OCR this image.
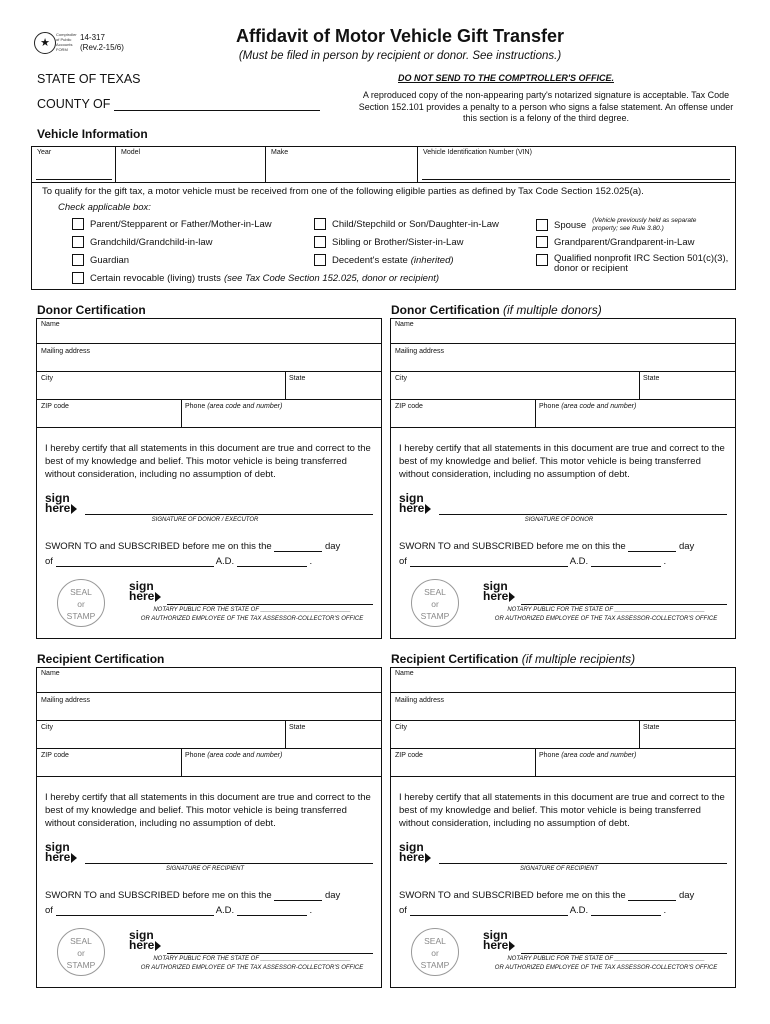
★
Comptroller of Public Accounts FORM
14-317
(Rev.2-15/6)
Affidavit of Motor Vehicle Gift Transfer
(Must be filed in person by recipient or donor. See instructions.)
STATE OF TEXAS
COUNTY OF
DO NOT SEND TO THE COMPTROLLER'S OFFICE.
A reproduced copy of the non-appearing party's notarized signature is acceptable. Tax Code Section 152.101 provides a penalty to a person who signs a false statement. An offense under this section is a felony of the third degree.
Vehicle Information
Year	Model	Make	Vehicle Identification Number (VIN)
To qualify for the gift tax, a motor vehicle must be received from one of the following eligible parties as defined by Tax Code Section 152.025(a).
Check applicable box:
Parent/Stepparent or Father/Mother-in-Law	Child/Stepchild or Son/Daughter-in-Law	Spouse (Vehicle previously held as separate property; see Rule 3.80.)
Grandchild/Grandchild-in-law	Sibling or Brother/Sister-in-Law	Grandparent/Grandparent-in-Law
Guardian	Decedent's estate (inherited)	Qualified nonprofit IRC Section 501(c)(3), donor or recipient
Certain revocable (living) trusts (see Tax Code Section 152.025, donor or recipient)
Donor Certification	Donor Certification (if multiple donors)
Recipient Certification	Recipient Certification (if multiple recipients)
Name
Mailing address
City	State
ZIP code	Phone (area code and number)
I hereby certify that all statements in this document are true and correct to the best of my knowledge and belief. This motor vehicle is being transferred without consideration, including no assumption of debt.
sign
here
SIGNATURE OF DONOR / EXECUTOR
SWORN TO and SUBSCRIBED before me on this the	day
of	A.D.	.
SEAL
or
STAMP
sign
here
NOTARY PUBLIC FOR THE STATE OF ___________________________
OR AUTHORIZED EMPLOYEE OF THE TAX ASSESSOR-COLLECTOR'S OFFICE
Name
Mailing address
City	State
ZIP code	Phone (area code and number)
I hereby certify that all statements in this document are true and correct to the best of my knowledge and belief. This motor vehicle is being transferred without consideration, including no assumption of debt.
sign
here
SIGNATURE OF DONOR
SWORN TO and SUBSCRIBED before me on this the	day
of	A.D.	.
SEAL
or
STAMP
sign
here
NOTARY PUBLIC FOR THE STATE OF ___________________________
OR AUTHORIZED EMPLOYEE OF THE TAX ASSESSOR-COLLECTOR'S OFFICE
Name
Mailing address
City	State
ZIP code	Phone (area code and number)
I hereby certify that all statements in this document are true and correct to the best of my knowledge and belief. This motor vehicle is being transferred without consideration, including no assumption of debt.
sign
here
SIGNATURE OF RECIPIENT
SWORN TO and SUBSCRIBED before me on this the	day
of	A.D.	.
SEAL
or
STAMP
sign
here
NOTARY PUBLIC FOR THE STATE OF ___________________________
OR AUTHORIZED EMPLOYEE OF THE TAX ASSESSOR-COLLECTOR'S OFFICE
Name
Mailing address
City	State
ZIP code	Phone (area code and number)
I hereby certify that all statements in this document are true and correct to the best of my knowledge and belief. This motor vehicle is being transferred without consideration, including no assumption of debt.
sign
here
SIGNATURE OF RECIPIENT
SWORN TO and SUBSCRIBED before me on this the	day
of	A.D.	.
SEAL
or
STAMP
sign
here
NOTARY PUBLIC FOR THE STATE OF ___________________________
OR AUTHORIZED EMPLOYEE OF THE TAX ASSESSOR-COLLECTOR'S OFFICE
